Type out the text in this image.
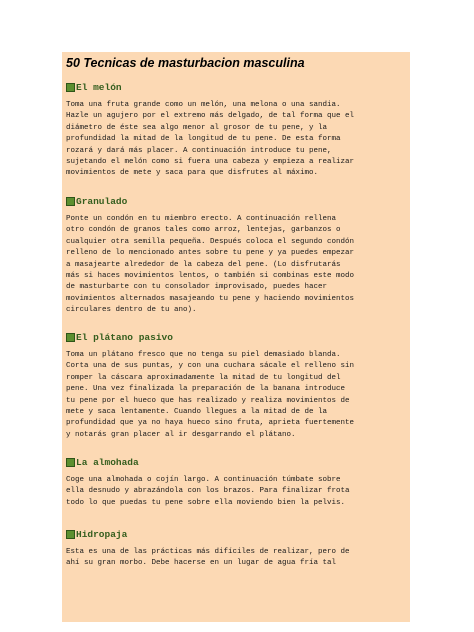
50 Tecnicas de masturbacion masculina
El melón

Toma una fruta grande como un melón, una melona o una sandia.
Hazle un agujero por el extremo más delgado, de tal forma que el
diámetro de éste sea algo menor al grosor de tu pene, y la
profundidad la mitad de la longitud de tu pene. De esta forma
rozará y dará más placer. A continuación introduce tu pene,
sujetando el melón como si fuera una cabeza y empieza a realizar
movimientos de mete y saca para que disfrutes al máximo.

Granulado

Ponte un condón en tu miembro erecto. A continuación rellena
otro condón de granos tales como arroz, lentejas, garbanzos o
cualquier otra semilla pequeña. Después coloca el segundo condón
relleno de lo mencionado antes sobre tu pene y ya puedes empezar
a masajearte alrededor de la cabeza del pene. (Lo disfrutarás
más si haces movimientos lentos, o también si combinas este modo
de masturbarte con tu consolador improvisado, puedes hacer
movimientos alternados masajeando tu pene y haciendo movimientos
circulares dentro de tu ano).

El plátano pasivo

Toma un plátano fresco que no tenga su piel demasiado blanda.
Corta una de sus puntas, y con una cuchara sácale el relleno sin
romper la cáscara aproximadamente la mitad de tu longitud del
pene. Una vez finalizada la preparación de la banana introduce
tu pene por el hueco que has realizado y realiza movimientos de
mete y saca lentamente. Cuando llegues a la mitad de de la
profundidad que ya no haya hueco sino fruta, aprieta fuertemente
y notarás gran placer al ir desgarrando el plátano.

La almohada

Coge una almohada o cojín largo. A continuación túmbate sobre
ella desnudo y abrazándola con los brazos. Para finalizar frota
todo lo que puedas tu pene sobre ella moviendo bien la pelvis.

Hidropaja

Esta es una de las prácticas más difíciles de realizar, pero de
ahí su gran morbo. Debe hacerse en un lugar de agua fría tal
